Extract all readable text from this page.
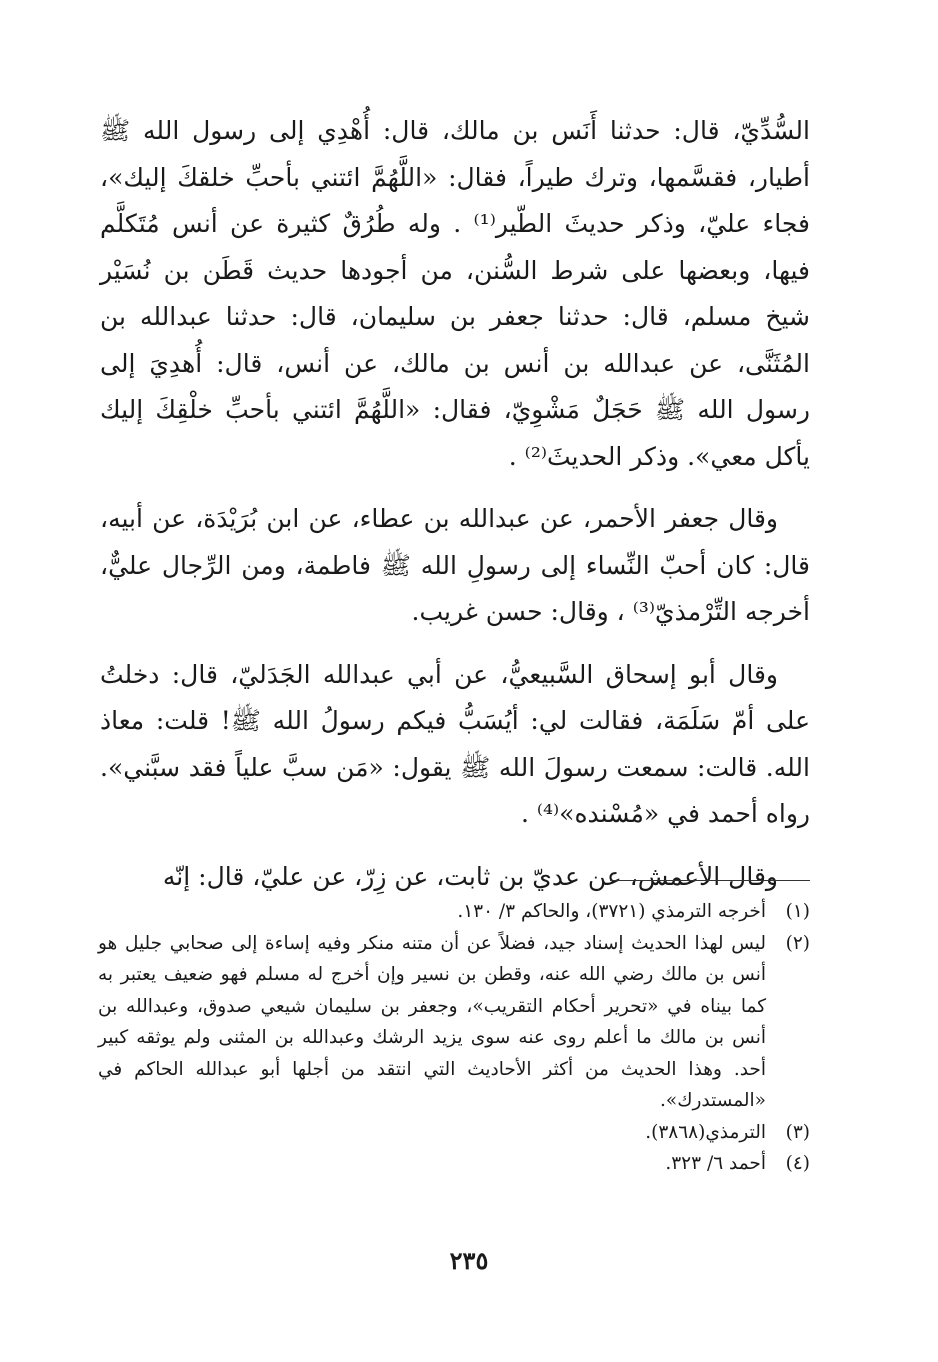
السُّدِّيّ، قال: حدثنا أَنَس بن مالك، قال: أُهْدِي إلى رسول الله ﷺ أطيار، فقسَّمها، وترك طيراً، فقال: «اللَّهُمَّ ائتني بأحبِّ خلقكَ إليك»، فجاء عليّ، وذكر حديثَ الطّير⁽¹⁾ . وله طُرُقٌ كثيرة عن أنس مُتَكلَّم فيها، وبعضها على شرط السُّنن، من أجودها حديث قَطَن بن نُسَيْر شيخ مسلم، قال: حدثنا جعفر بن سليمان، قال: حدثنا عبدالله بن المُثَنَّى، عن عبدالله بن أنس بن مالك، عن أنس، قال: أُهدِيَ إلى رسول الله ﷺ حَجَلٌ مَشْوِيّ، فقال: «اللَّهُمَّ ائتني بأحبِّ خلْقِكَ إليك يأكل معي». وذكر الحديثَ⁽²⁾ .

وقال جعفر الأحمر، عن عبدالله بن عطاء، عن ابن بُرَيْدَة، عن أبيه، قال: كان أحبّ النِّساء إلى رسولِ الله ﷺ فاطمة، ومن الرِّجال عليٌّ، أخرجه التِّرْمذيّ⁽³⁾ ، وقال: حسن غريب.

وقال أبو إسحاق السَّبيعيُّ، عن أبي عبدالله الجَدَليّ، قال: دخلتُ على أمّ سَلَمَة، فقالت لي: أيُسَبُّ فيكم رسولُ الله ﷺ! قلت: معاذ الله. قالت: سمعت رسولَ الله ﷺ يقول: «مَن سبَّ علياً فقد سبَّني». رواه أحمد في «مُسْنده»⁽⁴⁾ .

وقال الأعمش، عن عديّ بن ثابت، عن زِرّ، عن عليّ، قال: إنّه

(١)
أخرجه الترمذي (٣٧٢١)، والحاكم ٣/ ١٣٠.
(٢)
ليس لهذا الحديث إسناد جيد، فضلاً عن أن متنه منكر وفيه إساءة إلى صحابي جليل هو أنس بن مالك رضي الله عنه، وقطن بن نسير وإن أخرج له مسلم فهو ضعيف يعتبر به كما بيناه في «تحرير أحكام التقريب»، وجعفر بن سليمان شيعي صدوق، وعبدالله بن أنس بن مالك ما أعلم روى عنه سوى يزيد الرشك وعبدالله بن المثنى ولم يوثقه كبير أحد. وهذا الحديث من أكثر الأحاديث التي انتقد من أجلها أبو عبدالله الحاكم في «المستدرك».
(٣)
الترمذي(٣٨٦٨).
(٤)
أحمد ٦/ ٣٢٣.
٢٣٥
